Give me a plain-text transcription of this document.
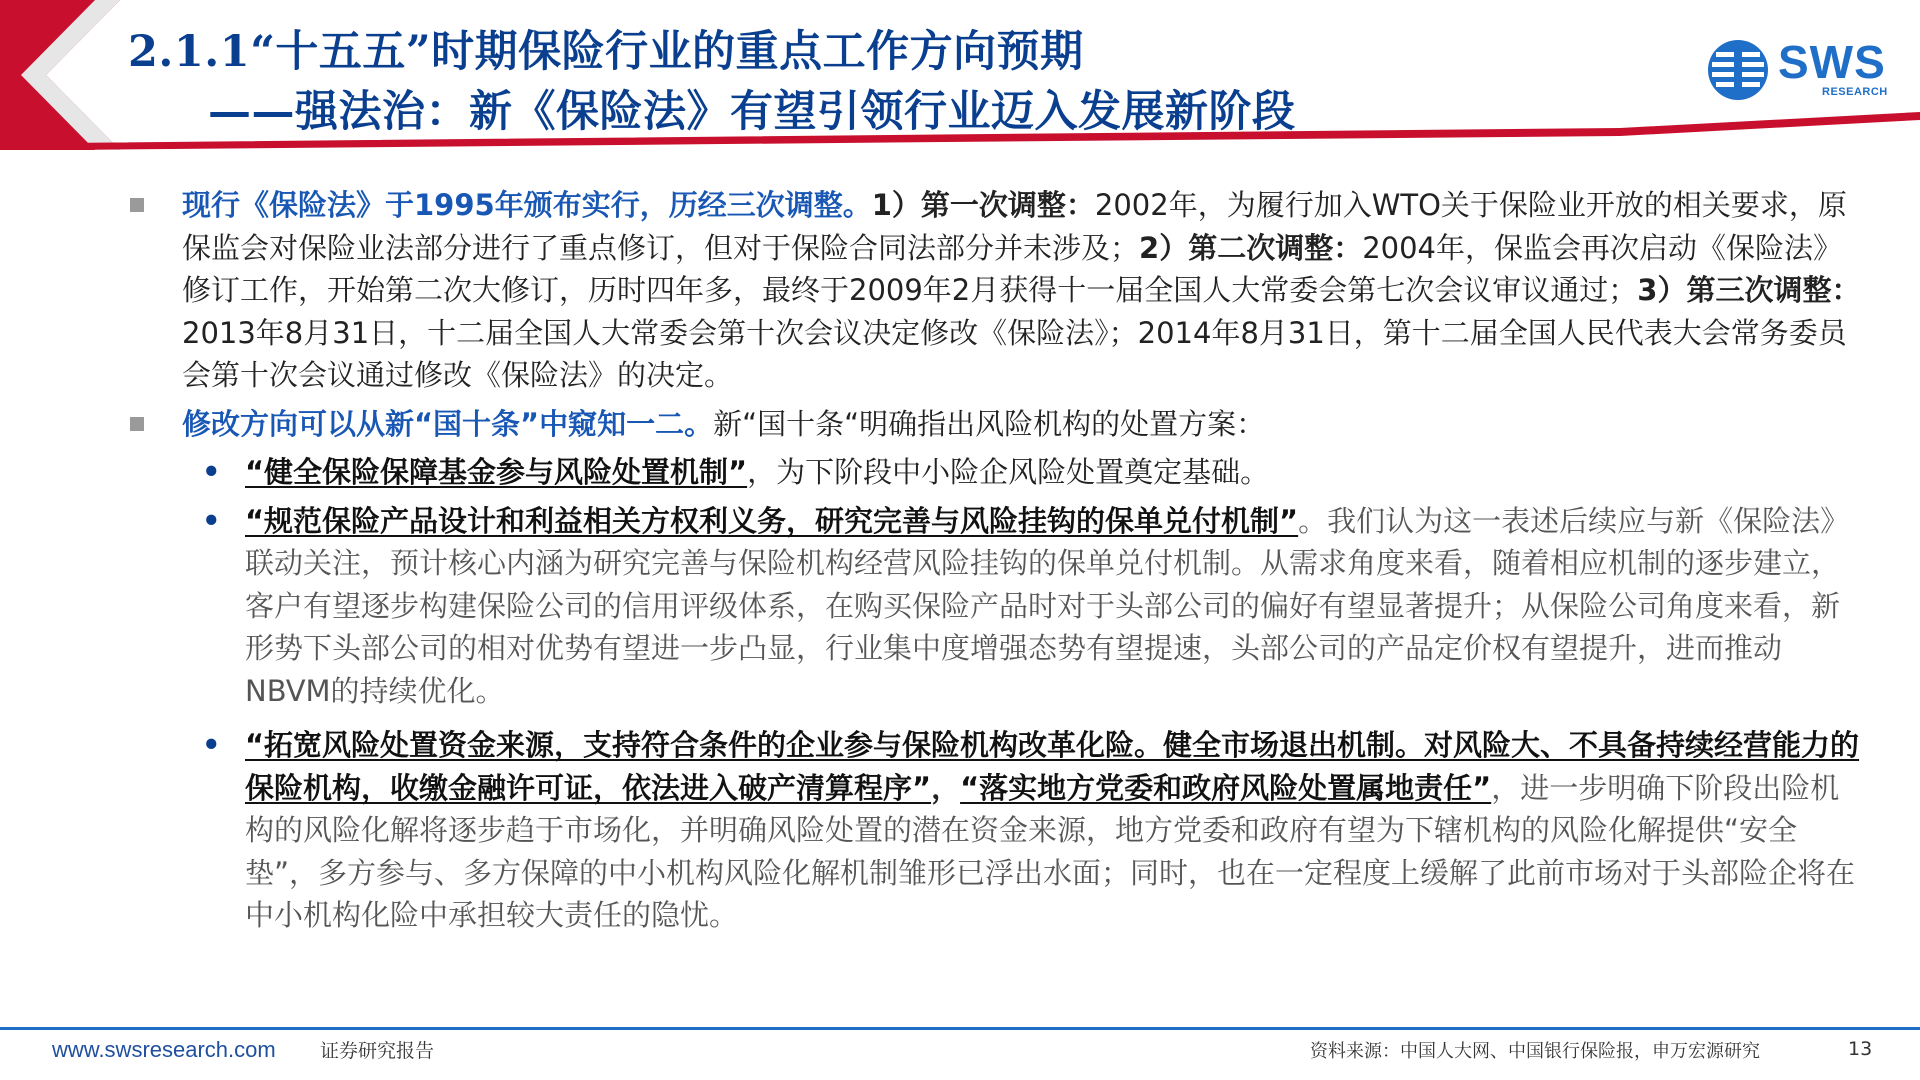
2.1.1“十五五”时期保险行业的重点工作方向预期
——强法治：新《保险法》有望引领行业迈入发展新阶段
SWS
RESEARCH
现行《保险法》于1995年颁布实行，历经三次调整。1）第一次调整：2002年，为履行加入WTO关于保险业开放的相关要求，原保监会对保险业法部分进行了重点修订，但对于保险合同法部分并未涉及；2）第二次调整：2004年，保监会再次启动《保险法》修订工作，开始第二次大修订，历时四年多，最终于2009年2月获得十一届全国人大常委会第七次会议审议通过；3）第三次调整：2013年8月31日，十二届全国人大常委会第十次会议决定修改《保险法》；2014年8月31日，第十二届全国人民代表大会常务委员会第十次会议通过修改《保险法》的决定。
修改方向可以从新“国十条”中窥知一二。新“国十条“明确指出风险机构的处置方案：
• “健全保险保障基金参与风险处置机制”，为下阶段中小险企风险处置奠定基础。
• “规范保险产品设计和利益相关方权利义务，研究完善与风险挂钩的保单兑付机制”。我们认为这一表述后续应与新《保险法》联动关注，预计核心内涵为研究完善与保险机构经营风险挂钩的保单兑付机制。从需求角度来看，随着相应机制的逐步建立，客户有望逐步构建保险公司的信用评级体系，在购买保险产品时对于头部公司的偏好有望显著提升；从保险公司角度来看，新形势下头部公司的相对优势有望进一步凸显，行业集中度增强态势有望提速，头部公司的产品定价权有望提升，进而推动NBVM的持续优化。
• “拓宽风险处置资金来源，支持符合条件的企业参与保险机构改革化险。健全市场退出机制。对风险大、不具备持续经营能力的保险机构，收缴金融许可证，依法进入破产清算程序”，“落实地方党委和政府风险处置属地责任”，进一步明确下阶段出险机构的风险化解将逐步趋于市场化，并明确风险处置的潜在资金来源，地方党委和政府有望为下辖机构的风险化解提供“安全垫”，多方参与、多方保障的中小机构风险化解机制雏形已浮出水面；同时，也在一定程度上缓解了此前市场对于头部险企将在中小机构化险中承担较大责任的隐忧。
www.swsresearch.com 证券研究报告	资料来源：中国人大网、中国银行保险报，申万宏源研究	13
